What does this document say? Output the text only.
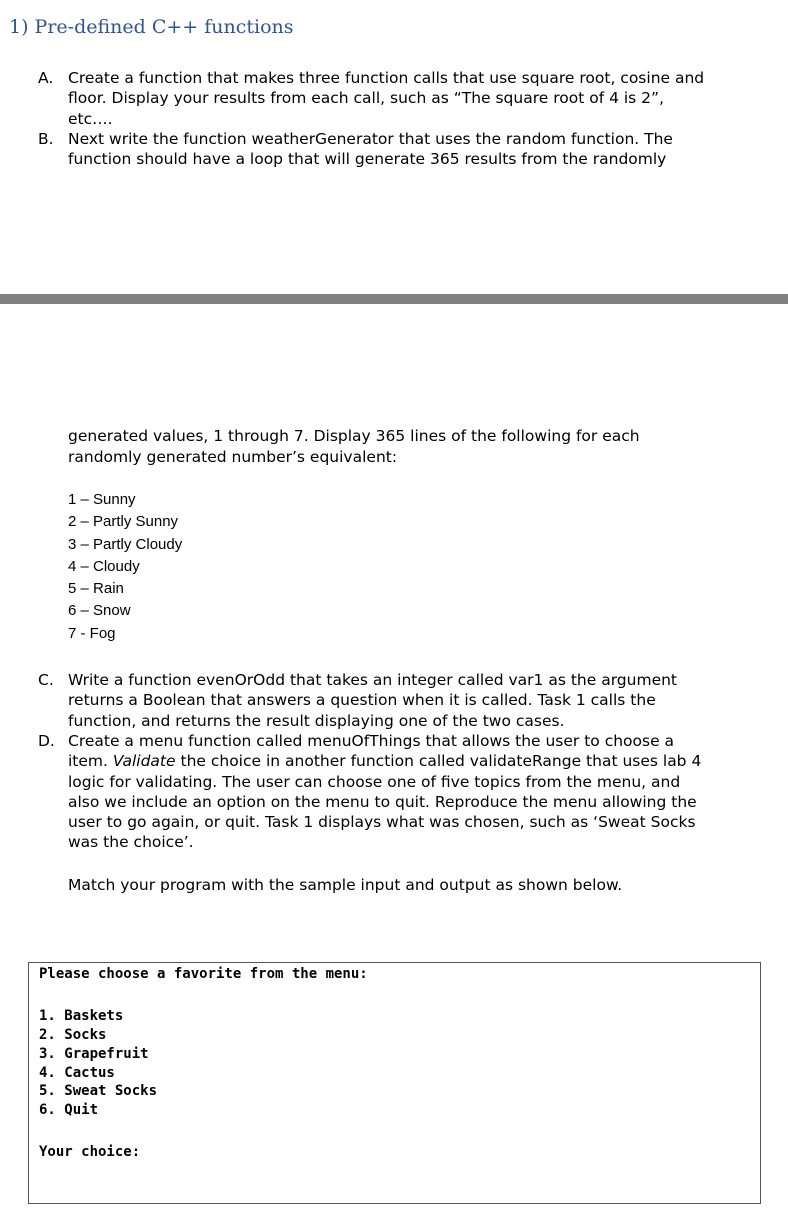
1) Pre-defined C++ functions
A. Create a function that makes three function calls that use square root, cosine and
floor. Display your results from each call, such as “The square root of 4 is 2”,
etc….
B. Next write the function weatherGenerator that uses the random function. The
function should have a loop that will generate 365 results from the randomly
generated values, 1 through 7. Display 365 lines of the following for each
randomly generated number’s equivalent:
1 – Sunny
2 – Partly Sunny
3 – Partly Cloudy
4 – Cloudy
5 – Rain
6 – Snow
7 - Fog
C. Write a function evenOrOdd that takes an integer called var1 as the argument
returns a Boolean that answers a question when it is called. Task 1 calls the
function, and returns the result displaying one of the two cases.
D. Create a menu function called menuOfThings that allows the user to choose a
item. Validate the choice in another function called validateRange that uses lab 4
logic for validating. The user can choose one of five topics from the menu, and
also we include an option on the menu to quit. Reproduce the menu allowing the
user to go again, or quit. Task 1 displays what was chosen, such as ‘Sweat Socks
was the choice’.
Match your program with the sample input and output as shown below.

Please choose a favorite from the menu:

1. Baskets

2. Socks

3. Grapefruit

4. Cactus

5. Sweat Socks

6. Quit

Your choice:
